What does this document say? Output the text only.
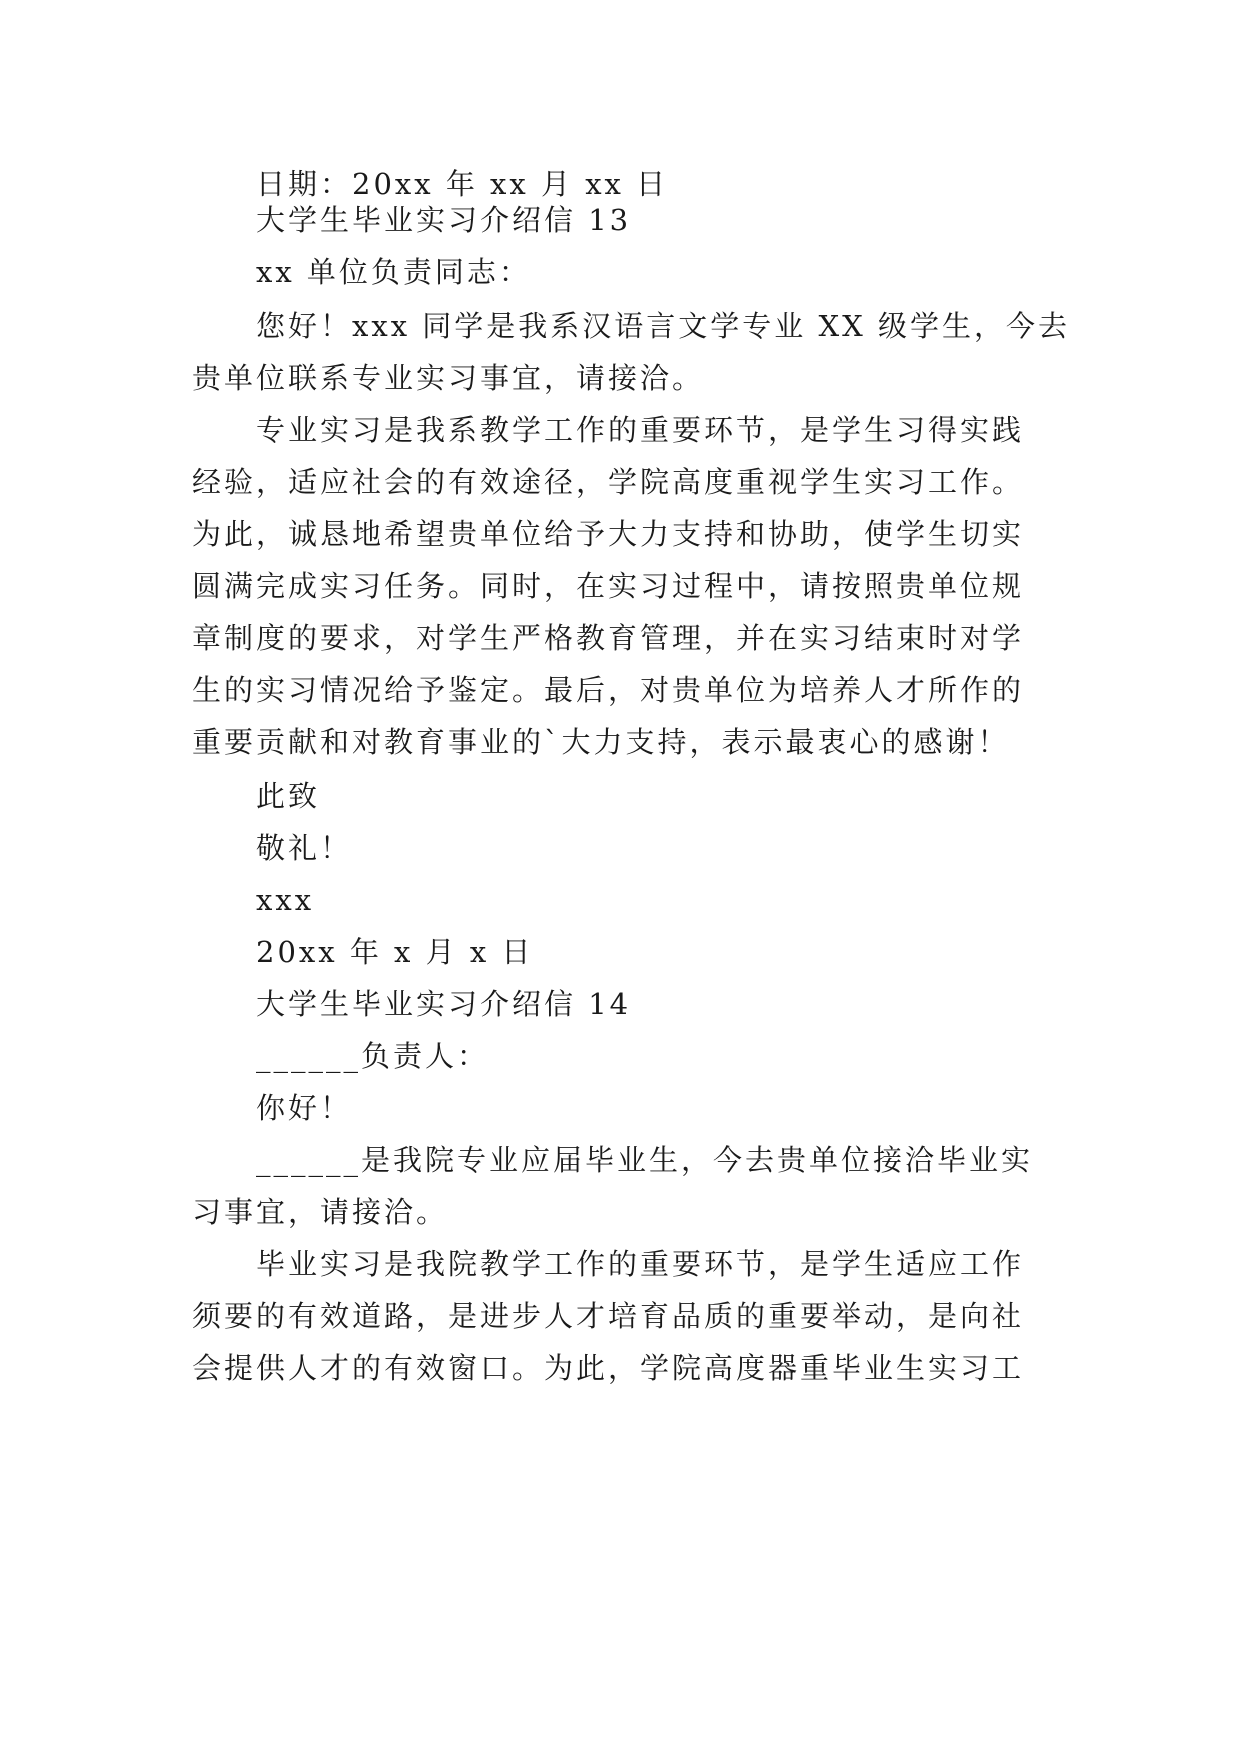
日期：20xx 年 xx 月 xx 日
大学生毕业实习介绍信 13
xx 单位负责同志：
您好！xxx 同学是我系汉语言文学专业 XX 级学生，今去
贵单位联系专业实习事宜，请接洽。
专业实习是我系教学工作的重要环节，是学生习得实践
经验，适应社会的有效途径，学院高度重视学生实习工作。
为此，诚恳地希望贵单位给予大力支持和协助，使学生切实
圆满完成实习任务。同时，在实习过程中，请按照贵单位规
章制度的要求，对学生严格教育管理，并在实习结束时对学
生的实习情况给予鉴定。最后，对贵单位为培养人才所作的
重要贡献和对教育事业的`大力支持，表示最衷心的感谢！
此致
敬礼！
xxx
20xx 年 x 月 x 日
大学生毕业实习介绍信 14
______负责人：
你好！
______是我院专业应届毕业生，今去贵单位接洽毕业实
习事宜，请接洽。
毕业实习是我院教学工作的重要环节，是学生适应工作
须要的有效道路，是进步人才培育品质的重要举动，是向社
会提供人才的有效窗口。为此，学院高度器重毕业生实习工
